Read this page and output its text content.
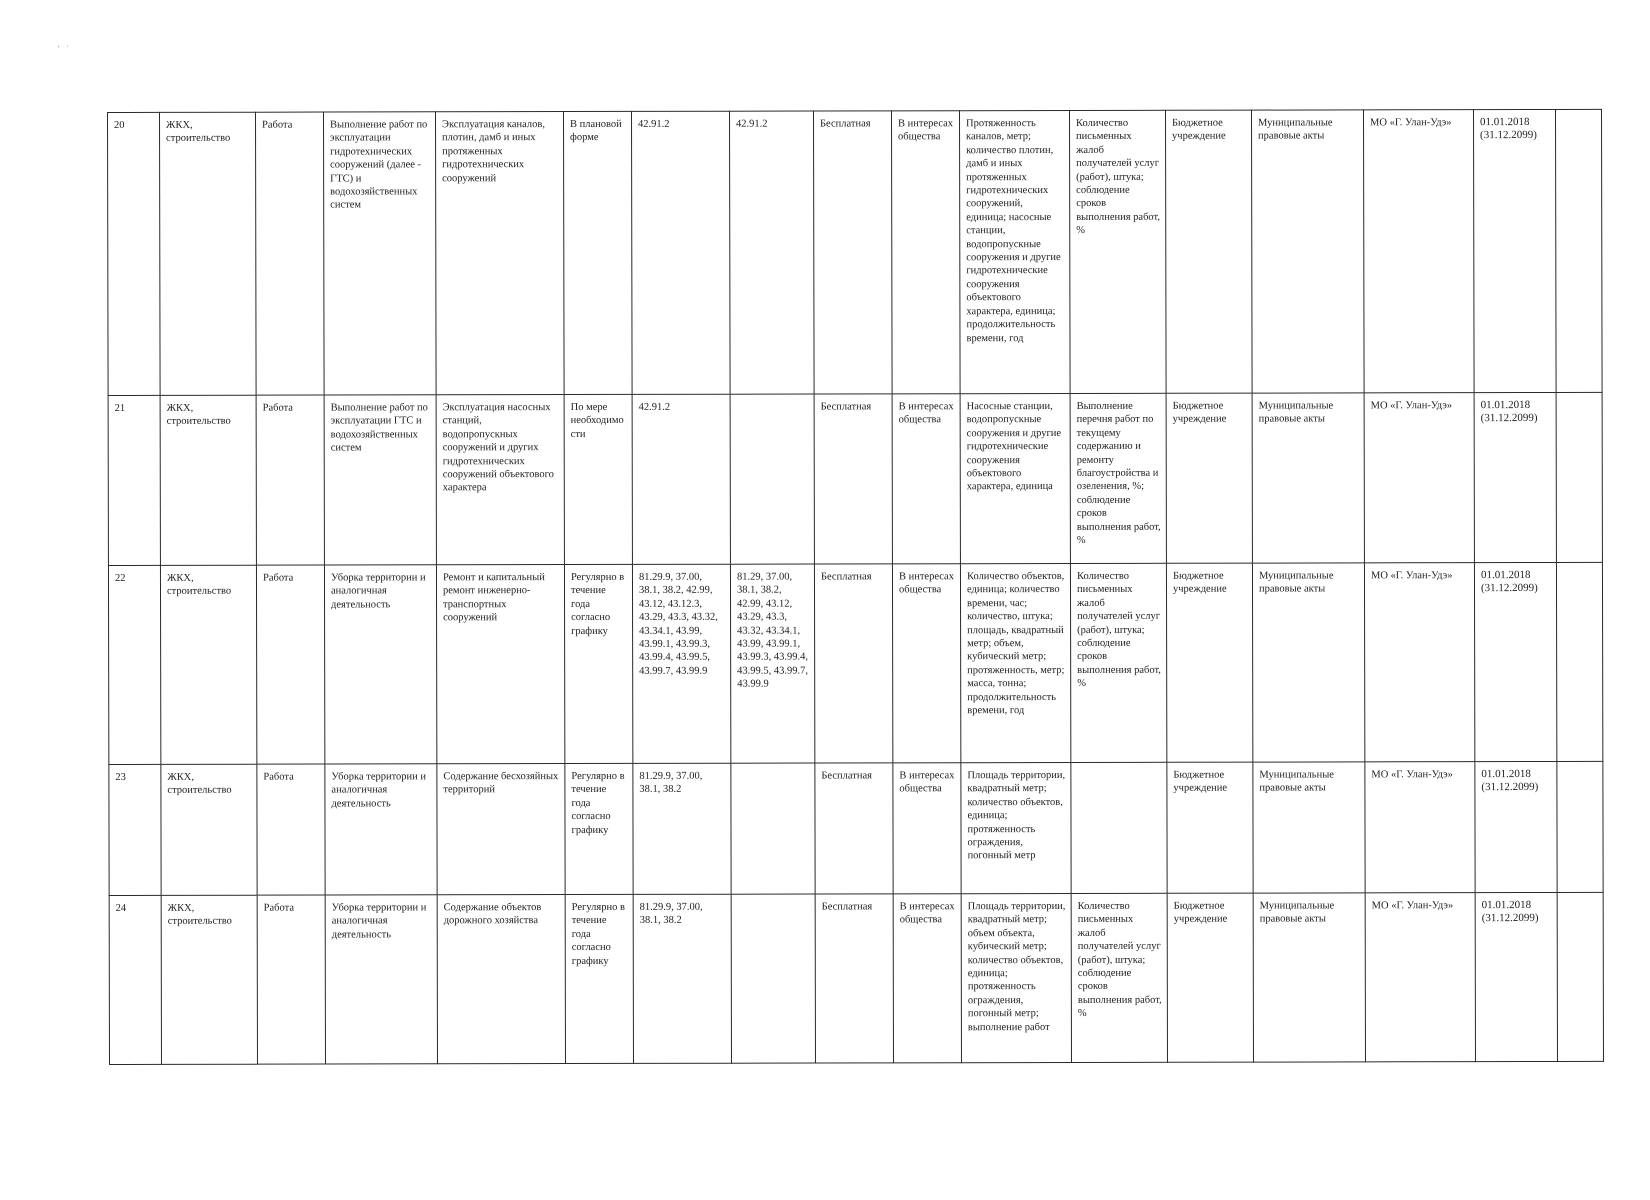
' ˙
20	ЖКХ, строительство	Работа	Выполнение работ по эксплуатации гидротехнических сооружений (далее - ГТС) и водохозяйственных систем	Эксплуатация каналов, плотин, дамб и иных протяженных гидротехнических сооружений	В плановой форме	42.91.2	42.91.2	Бесплатная	В интересах общества	Протяженность каналов, метр; количество плотин, дамб и иных протяженных гидротехнических сооружений, единица; насосные станции, водопропускные сооружения и другие гидротехнические сооружения объектового характера, единица; продолжительность времени, год	Количество письменных жалоб получателей услуг (работ), штука; соблюдение сроков выполнения работ, %	Бюджетное учреждение	Муниципальные правовые акты	МО «Г. Улан-Удэ»	01.01.2018 (31.12.2099)	
21	ЖКХ, строительство	Работа	Выполнение работ по эксплуатации ГТС и водохозяйственных систем	Эксплуатация насосных станций, водопропускных сооружений и других гидротехнических сооружений объектового характера	По мере необходимости	42.91.2		Бесплатная	В интересах общества	Насосные станции, водопропускные сооружения и другие гидротехнические сооружения объектового характера, единица	Выполнение перечня работ по текущему содержанию и ремонту благоустройства и озеленения, %; соблюдение сроков выполнения работ, %	Бюджетное учреждение	Муниципальные правовые акты	МО «Г. Улан-Удэ»	01.01.2018 (31.12.2099)	
22	ЖКХ, строительство	Работа	Уборка территории и аналогичная деятельность	Ремонт и капитальный ремонт инженерно-транспортных сооружений	Регулярно в течение года согласно графику	81.29.9, 37.00, 38.1, 38.2, 42.99, 43.12, 43.12.3, 43.29, 43.3, 43.32, 43.34.1, 43.99, 43.99.1, 43.99.3, 43.99.4, 43.99.5, 43.99.7, 43.99.9	81.29, 37.00, 38.1, 38.2, 42.99, 43.12, 43.29, 43.3, 43.32, 43.34.1, 43.99, 43.99.1, 43.99.3, 43.99.4, 43.99.5, 43.99.7, 43.99.9	Бесплатная	В интересах общества	Количество объектов, единица; количество времени, час; количество, штука; площадь, квадратный метр; объем, кубический метр; протяженность, метр; масса, тонна; продолжительность времени, год	Количество письменных жалоб получателей услуг (работ), штука; соблюдение сроков выполнения работ, %	Бюджетное учреждение	Муниципальные правовые акты	МО «Г. Улан-Удэ»	01.01.2018 (31.12.2099)	
23	ЖКХ, строительство	Работа	Уборка территории и аналогичная деятельность	Содержание бесхозяйных территорий	Регулярно в течение года согласно графику	81.29.9, 37.00, 38.1, 38.2		Бесплатная	В интересах общества	Площадь территории, квадратный метр; количество объектов, единица; протяженность ограждения, погонный метр		Бюджетное учреждение	Муниципальные правовые акты	МО «Г. Улан-Удэ»	01.01.2018 (31.12.2099)	
24	ЖКХ, строительство	Работа	Уборка территории и аналогичная деятельность	Содержание объектов дорожного хозяйства	Регулярно в течение года согласно графику	81.29.9, 37.00, 38.1, 38.2		Бесплатная	В интересах общества	Площадь территории, квадратный метр; объем объекта, кубический метр; количество объектов, единица; протяженность ограждения, погонный метр; выполнение работ	Количество письменных жалоб получателей услуг (работ), штука; соблюдение сроков выполнения работ, %	Бюджетное учреждение	Муниципальные правовые акты	МО «Г. Улан-Удэ»	01.01.2018 (31.12.2099)	
